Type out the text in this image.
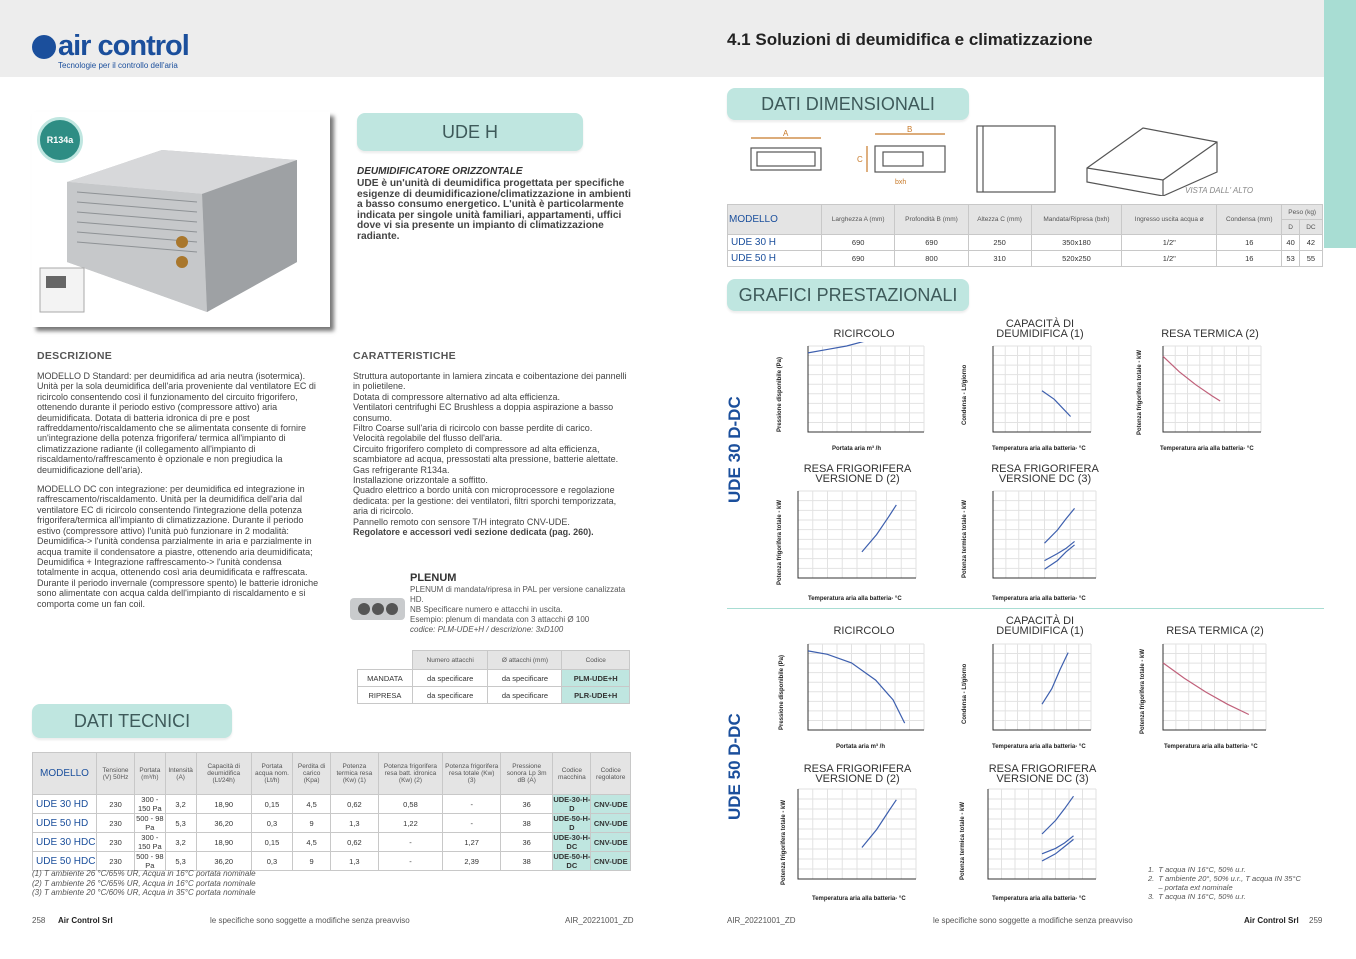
air control
Tecnologie per il controllo dell'aria
4.1 Soluzioni di deumidifica e climatizzazione
R134a	UDE H
DEUMIDIFICATORE ORIZZONTALE
UDE è un'unità di deumidifica progettata per specifiche esigenze di deumidificazione/climatizzazione in ambienti a basso consumo energetico. L'unità è particolarmente indicata per singole unità familiari, appartamenti, uffici dove vi sia presente un impianto di climatizzazione radiante.
DESCRIZIONE
MODELLO D Standard: per deumidifica ad aria neutra (isotermica). Unità per la sola deumidifica dell'aria proveniente dal ventilatore EC di ricircolo consentendo così il funzionamento del circuito frigorifero, ottenendo durante il periodo estivo (compressore attivo) aria deumidificata. Dotata di batteria idronica di pre e post raffreddamento/riscaldamento che se alimentata consente di fornire un'integrazione della potenza frigorifera/ termica all'impianto di climatizzazione radiante (il collegamento all'impianto di riscaldamento/raffrescamento è opzionale e non pregiudica la deumidificazione dell'aria).
MODELLO DC con integrazione: per deumidifica ed integrazione in raffrescamento/riscaldamento. Unità per la deumidifica dell'aria dal ventilatore EC di ricircolo consentendo l'integrazione della potenza frigorifera/termica all'impianto di climatizzazione. Durante il periodo estivo (compressore attivo) l'unità può funzionare in 2 modalità:
Deumidifica-> l'unità condensa parzialmente in aria e parzialmente in acqua tramite il condensatore a piastre, ottenendo aria deumidificata;
Deumidifica + Integrazione raffrescamento-> l'unità condensa totalmente in acqua, ottenendo così aria deumidificata e raffrescata. Durante il periodo invernale (compressore spento) le batterie idroniche sono alimentate con acqua calda dell'impianto di riscaldamento e si comporta come un fan coil.
CARATTERISTICHE
Struttura autoportante in lamiera zincata e coibentazione dei pannelli in polietilene.
Dotata di compressore alternativo ad alta efficienza.
Ventilatori centrifughi EC Brushless a doppia aspirazione a basso consumo.
Filtro Coarse sull'aria di ricircolo con basse perdite di carico.
Velocità regolabile del flusso dell'aria.
Circuito frigorifero completo di compressore ad alta efficienza, scambiatore ad acqua, pressostati alta pressione, batterie alettate.
Gas refrigerante R134a.
Installazione orizzontale a soffitto.
Quadro elettrico a bordo unità con microprocessore e regolazione dedicata: per la gestione: dei ventilatori, filtri sporchi temporizzata, aria di ricircolo.
Pannello remoto con sensore T/H integrato CNV-UDE.
Regolatore e accessori vedi sezione dedicata (pag. 260).
PLENUM
PLENUM di mandata/ripresa in PAL per versione canalizzata HD.
NB Specificare numero e attacchi in uscita.
Esempio: plenum di mandata con 3 attacchi Ø 100
codice: PLM-UDE+H / descrizione: 3xD100
	Numero attacchi	Ø attacchi (mm)	Codice
MANDATA	da specificare	da specificare	PLM-UDE+H
RIPRESA	da specificare	da specificare	PLR-UDE+H
DATI TECNICI
MODELLO	Tensione (V) 50Hz	Portata (m³/h)	Intensità (A)	Capacità di deumidifica (Lt/24h)	Portata acqua nom. (Lt/h)	Perdita di carico (Kpa)	Potenza termica resa (Kw) (1)	Potenza frigorifera resa batt. idronica (Kw) (2)	Potenza frigorifera resa totale (Kw) (3)	Pressione sonora Lp 3m dB (A)	Codice macchina	Codice regolatore
UDE 30 HD	230	300 - 150 Pa	3,2	18,90	0,15	4,5	0,62	0,58	-	36	UDE-30-H-D	CNV-UDE
UDE 50 HD	230	500 - 98 Pa	5,3	36,20	0,3	9	1,3	1,22	-	38	UDE-50-H-D	CNV-UDE
UDE 30 HDC	230	300 - 150 Pa	3,2	18,90	0,15	4,5	0,62	-	1,27	36	UDE-30-H-DC	CNV-UDE
UDE 50 HDC	230	500 - 98 Pa	5,3	36,20	0,3	9	1,3	-	2,39	38	UDE-50-H-DC	CNV-UDE
(1) T ambiente 26 °C/65% UR, Acqua in 16°C portata nominale
(2) T ambiente 26 °C/65% UR, Acqua in 16°C portata nominale
(3) T ambiente 20 °C/60% UR, Acqua in 35°C portata nominale
DATI DIMENSIONALI
A	B
C
bxh
VISTA DALL' ALTO
MODELLO	Larghezza A (mm)	Profondità B (mm)	Altezza C (mm)	Mandata/Ripresa (bxh)	Ingresso uscita acqua ø	Condensa (mm)	Peso (kg)	
							D	DC
UDE 30 H	690	690	250	350x180	1/2"	16	40	42
UDE 50 H	690	800	310	520x250	1/2"	16	53	55
GRAFICI PRESTAZIONALI
UDE 30 D-DC
UDE 50 D-DC
RICIRCOLO
CAPACITÀ DI DEUMIDIFICA (1)	RESA TERMICA (2)
RESA FRIGORIFERA VERSIONE D (2)
RESA FRIGORIFERA VERSIONE DC (3)
RICIRCOLO
CAPACITÀ DI DEUMIDIFICA (1)	RESA TERMICA (2)
RESA FRIGORIFERA VERSIONE D (2)
RESA FRIGORIFERA VERSIONE DC (3)
Portata aria m³ /h	Temperatura aria alla batteria- °C	Temperatura aria alla batteria- °C
Temperatura aria alla batteria- °C	Temperatura aria alla batteria- °C
Portata aria m³ /h	Temperatura aria alla batteria- °C	Temperatura aria alla batteria- °C
Temperatura aria alla batteria- °C	Temperatura aria alla batteria- °C
Pressione disponibile (Pa)	Condensa - Lt/giorno	Potenza frigorifera totale - kW
Potenza frigorifera totale - kW	Potenza termica totale - kW
Pressione disponibile (Pa)	Condensa - Lt/giorno	Potenza frigorifera totale - kW
Potenza frigorifera totale - kW	Potenza termica totale - kW

	1.  T acqua IN 16°C, 50% u.r.
2.  T ambiente 20°, 50% u.r., T acqua IN 35°C
– portata ext nominale
3.  T acqua IN 16°C, 50% u.r.

258 Air Control Srl	le specifiche sono soggette a modifiche senza preavviso	AIR_20221001_ZD	AIR_20221001_ZD	le specifiche sono soggette a modifiche senza preavviso	Air Control Srl 259
